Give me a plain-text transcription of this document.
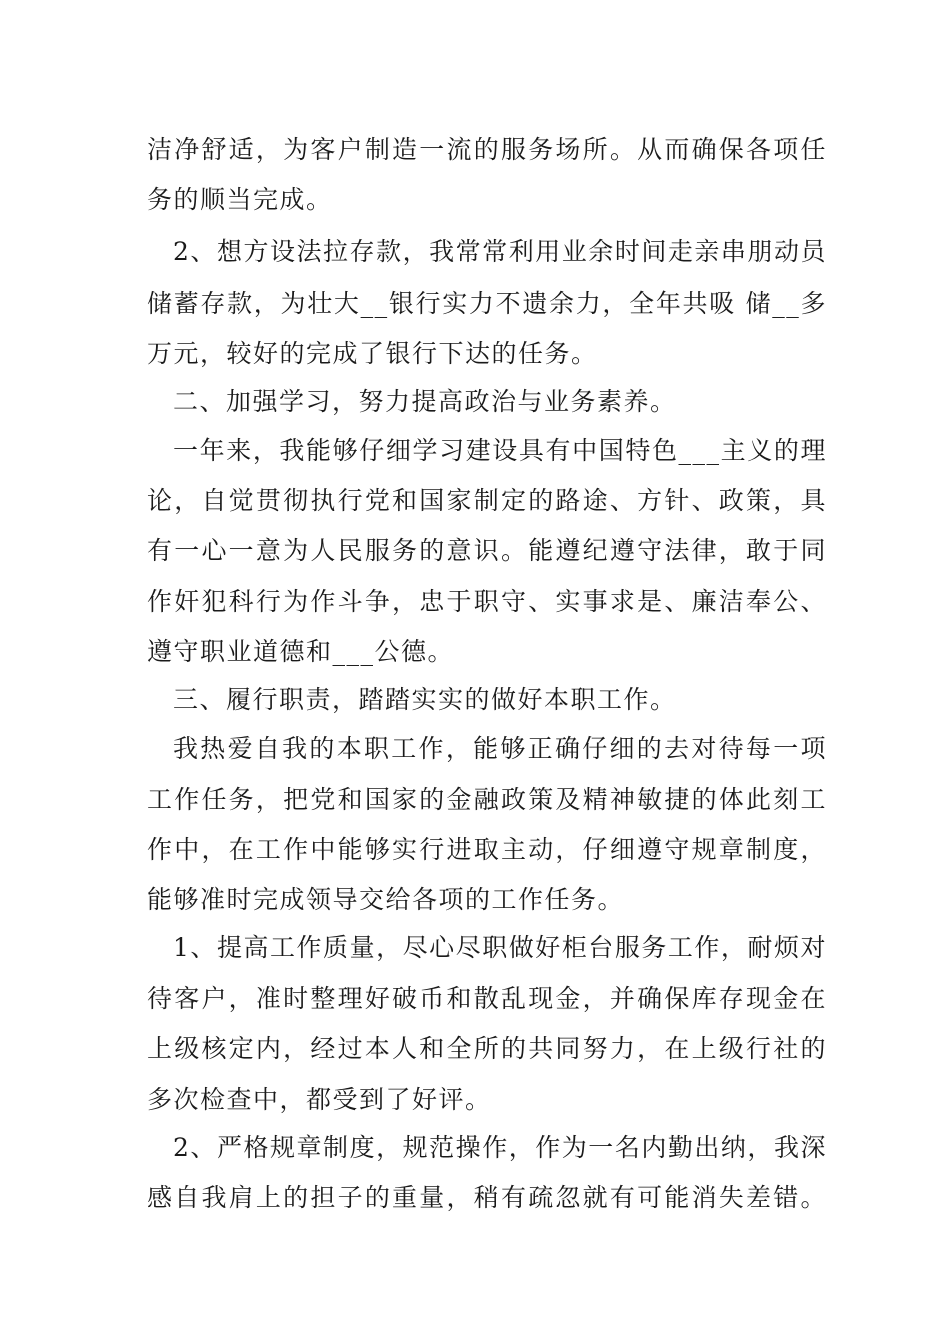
洁净舒适，为客户制造一流的服务场所。从而确保各项任
务的顺当完成。
2、想方设法拉存款，我常常利用业余时间走亲串朋动员
储蓄存款，为壮大__银行实力不遗余力，全年共吸 储__多
万元，较好的完成了银行下达的任务。
二、加强学习，努力提高政治与业务素养。
一年来，我能够仔细学习建设具有中国特色___主义的理
论，自觉贯彻执行党和国家制定的路途、方针、政策，具
有一心一意为人民服务的意识。能遵纪遵守法律，敢于同
作奸犯科行为作斗争，忠于职守、实事求是、廉洁奉公、
遵守职业道德和___公德。
三、履行职责，踏踏实实的做好本职工作。
我热爱自我的本职工作，能够正确仔细的去对待每一项
工作任务，把党和国家的金融政策及精神敏捷的体此刻工
作中，在工作中能够实行进取主动，仔细遵守规章制度，
能够准时完成领导交给各项的工作任务。
1、提高工作质量，尽心尽职做好柜台服务工作，耐烦对
待客户，准时整理好破币和散乱现金，并确保库存现金在
上级核定内，经过本人和全所的共同努力，在上级行社的
多次检查中，都受到了好评。
2、严格规章制度，规范操作，作为一名内勤出纳，我深
感自我肩上的担子的重量，稍有疏忽就有可能消失差错。
